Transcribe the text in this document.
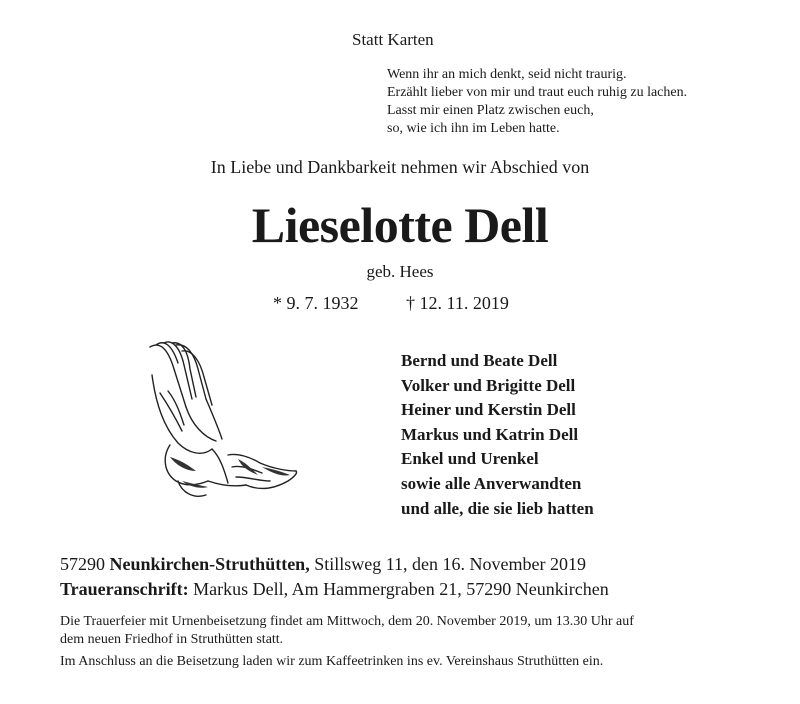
Statt Karten
Wenn ihr an mich denkt, seid nicht traurig.
Erzählt lieber von mir und traut euch ruhig zu lachen.
Lasst mir einen Platz zwischen euch,
so, wie ich ihn im Leben hatte.
In Liebe und Dankbarkeit nehmen wir Abschied von
Lieselotte Dell
geb. Hees
* 9. 7. 1932	† 12. 11. 2019
Bernd und Beate Dell
Volker und Brigitte Dell
Heiner und Kerstin Dell
Markus und Katrin Dell
Enkel und Urenkel
sowie alle Anverwandten
und alle, die sie lieb hatten
57290 Neunkirchen-Struthütten, Stillsweg 11, den 16. November 2019
Traueranschrift: Markus Dell, Am Hammergraben 21, 57290 Neunkirchen
Die Trauerfeier mit Urnenbeisetzung findet am Mittwoch, dem 20. November 2019, um 13.30 Uhr auf
dem neuen Friedhof in Struthütten statt.
Im Anschluss an die Beisetzung laden wir zum Kaffeetrinken ins ev. Vereinshaus Struthütten ein.
